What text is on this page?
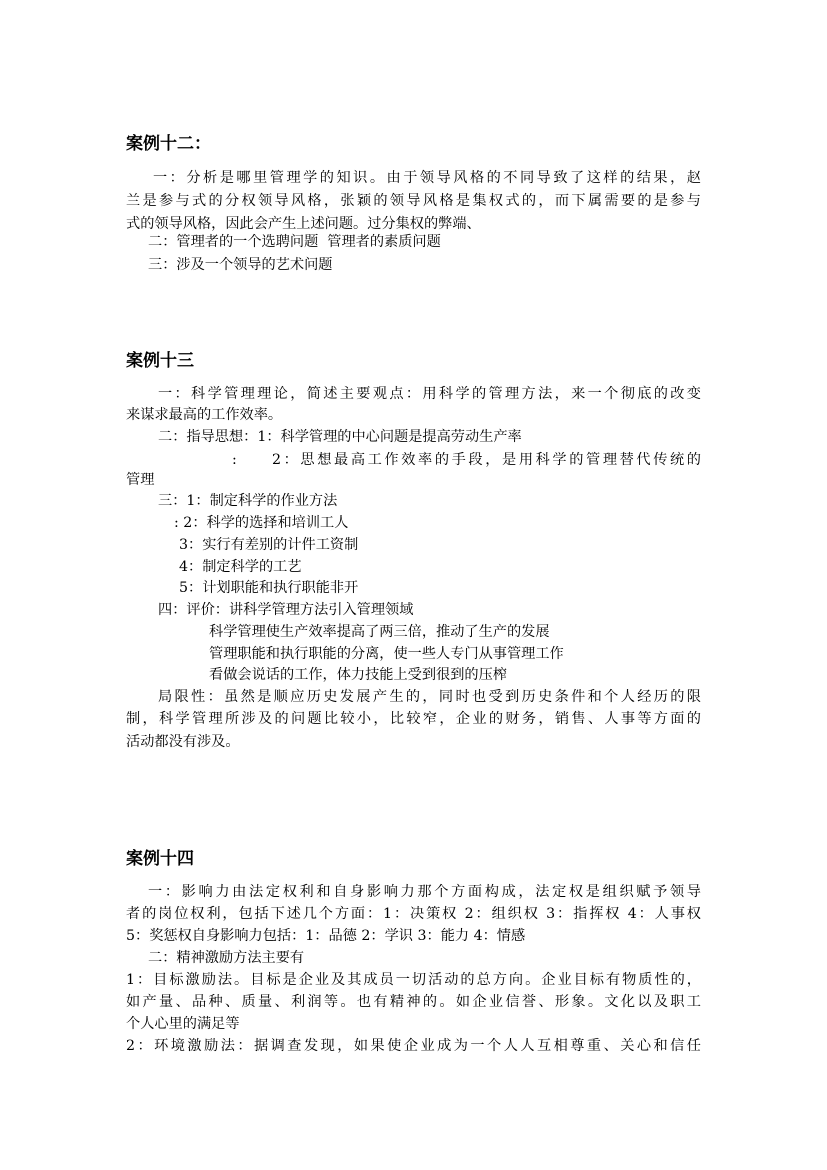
案例十二：

一：分析是哪里管理学的知识。由于领导风格的不同导致了这样的结果，赵

兰是参与式的分权领导风格，张颖的领导风格是集权式的，而下属需要的是参与

式的领导风格，因此会产生上述问题。过分集权的弊端、

二：管理者的一个选聘问题  管理者的素质问题

三：涉及一个领导的艺术问题

案例十三

一：科学管理理论，简述主要观点：用科学的管理方法，来一个彻底的改变

来谋求最高的工作效率。

二：指导思想：1：科学管理的中心问题是提高劳动生产率

: 2：思想最高工作效率的手段，是用科学的管理替代传统的

管理

三：1：制定科学的作业方法

: 2：科学的选择和培训工人

3：实行有差别的计件工资制

4：制定科学的工艺

5：计划职能和执行职能非开

四：评价：讲科学管理方法引入管理领域

科学管理使生产效率提高了两三倍，推动了生产的发展

管理职能和执行职能的分离，使一些人专门从事管理工作

看做会说话的工作，体力技能上受到很到的压榨

局限性：虽然是顺应历史发展产生的，同时也受到历史条件和个人经历的限

制，科学管理所涉及的问题比较小，比较窄，企业的财务，销售、人事等方面的

活动都没有涉及。

案例十四

一：影响力由法定权利和自身影响力那个方面构成，法定权是组织赋予领导

者的岗位权利，包括下述几个方面：1：决策权 2：组织权 3：指挥权 4：人事权

5：奖惩权自身影响力包括：1：品德 2：学识 3：能力 4：情感

二：精神激励方法主要有

1：目标激励法。目标是企业及其成员一切活动的总方向。企业目标有物质性的，

如产量、品种、质量、利润等。也有精神的。如企业信誉、形象。文化以及职工

个人心里的满足等

2：环境激励法：据调查发现，如果使企业成为一个人人互相尊重、关心和信任
